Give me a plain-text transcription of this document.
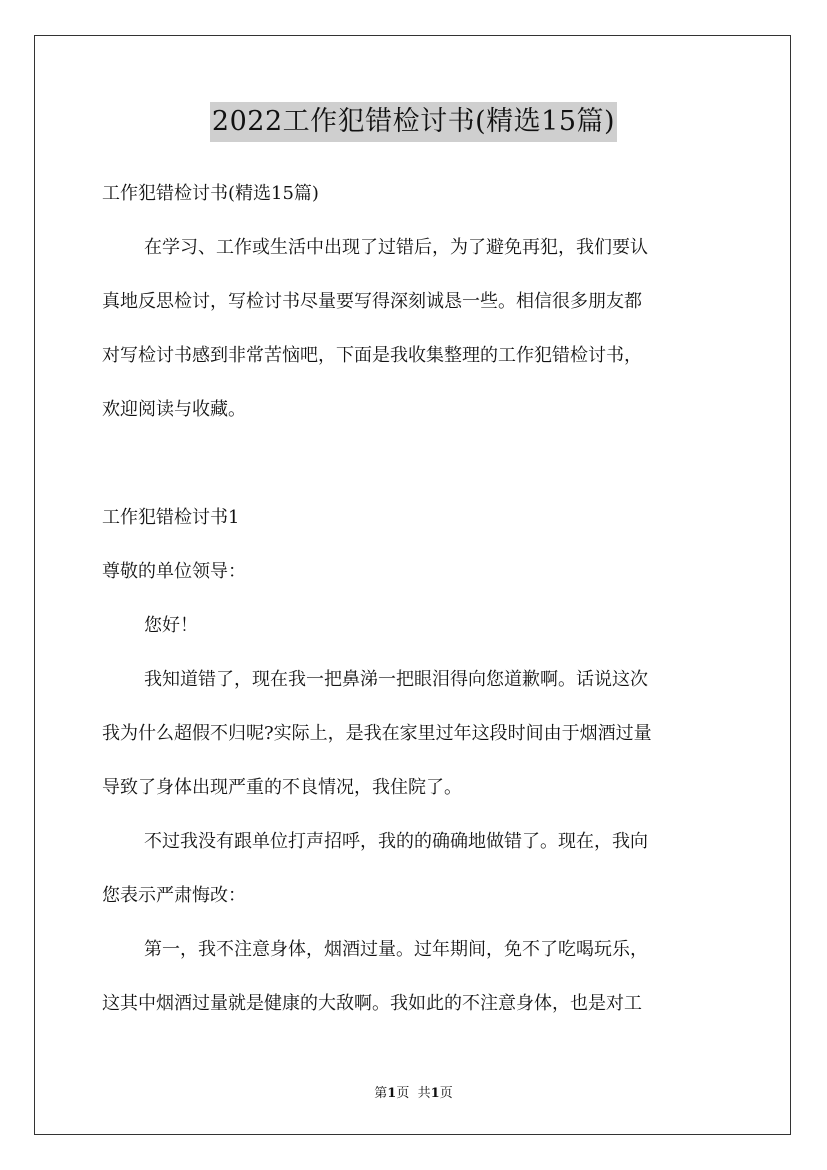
2022工作犯错检讨书(精选15篇)
工作犯错检讨书(精选15篇)
在学习、工作或生活中出现了过错后，为了避免再犯，我们要认
真地反思检讨，写检讨书尽量要写得深刻诚恳一些。相信很多朋友都
对写检讨书感到非常苦恼吧，下面是我收集整理的工作犯错检讨书，
欢迎阅读与收藏。
工作犯错检讨书1
尊敬的单位领导：
您好！
我知道错了，现在我一把鼻涕一把眼泪得向您道歉啊。话说这次
我为什么超假不归呢?实际上，是我在家里过年这段时间由于烟酒过量
导致了身体出现严重的不良情况，我住院了。
不过我没有跟单位打声招呼，我的的确确地做错了。现在，我向
您表示严肃悔改：
第一，我不注意身体，烟酒过量。过年期间，免不了吃喝玩乐，
这其中烟酒过量就是健康的大敌啊。我如此的不注意身体，也是对工
第1页 共1页
